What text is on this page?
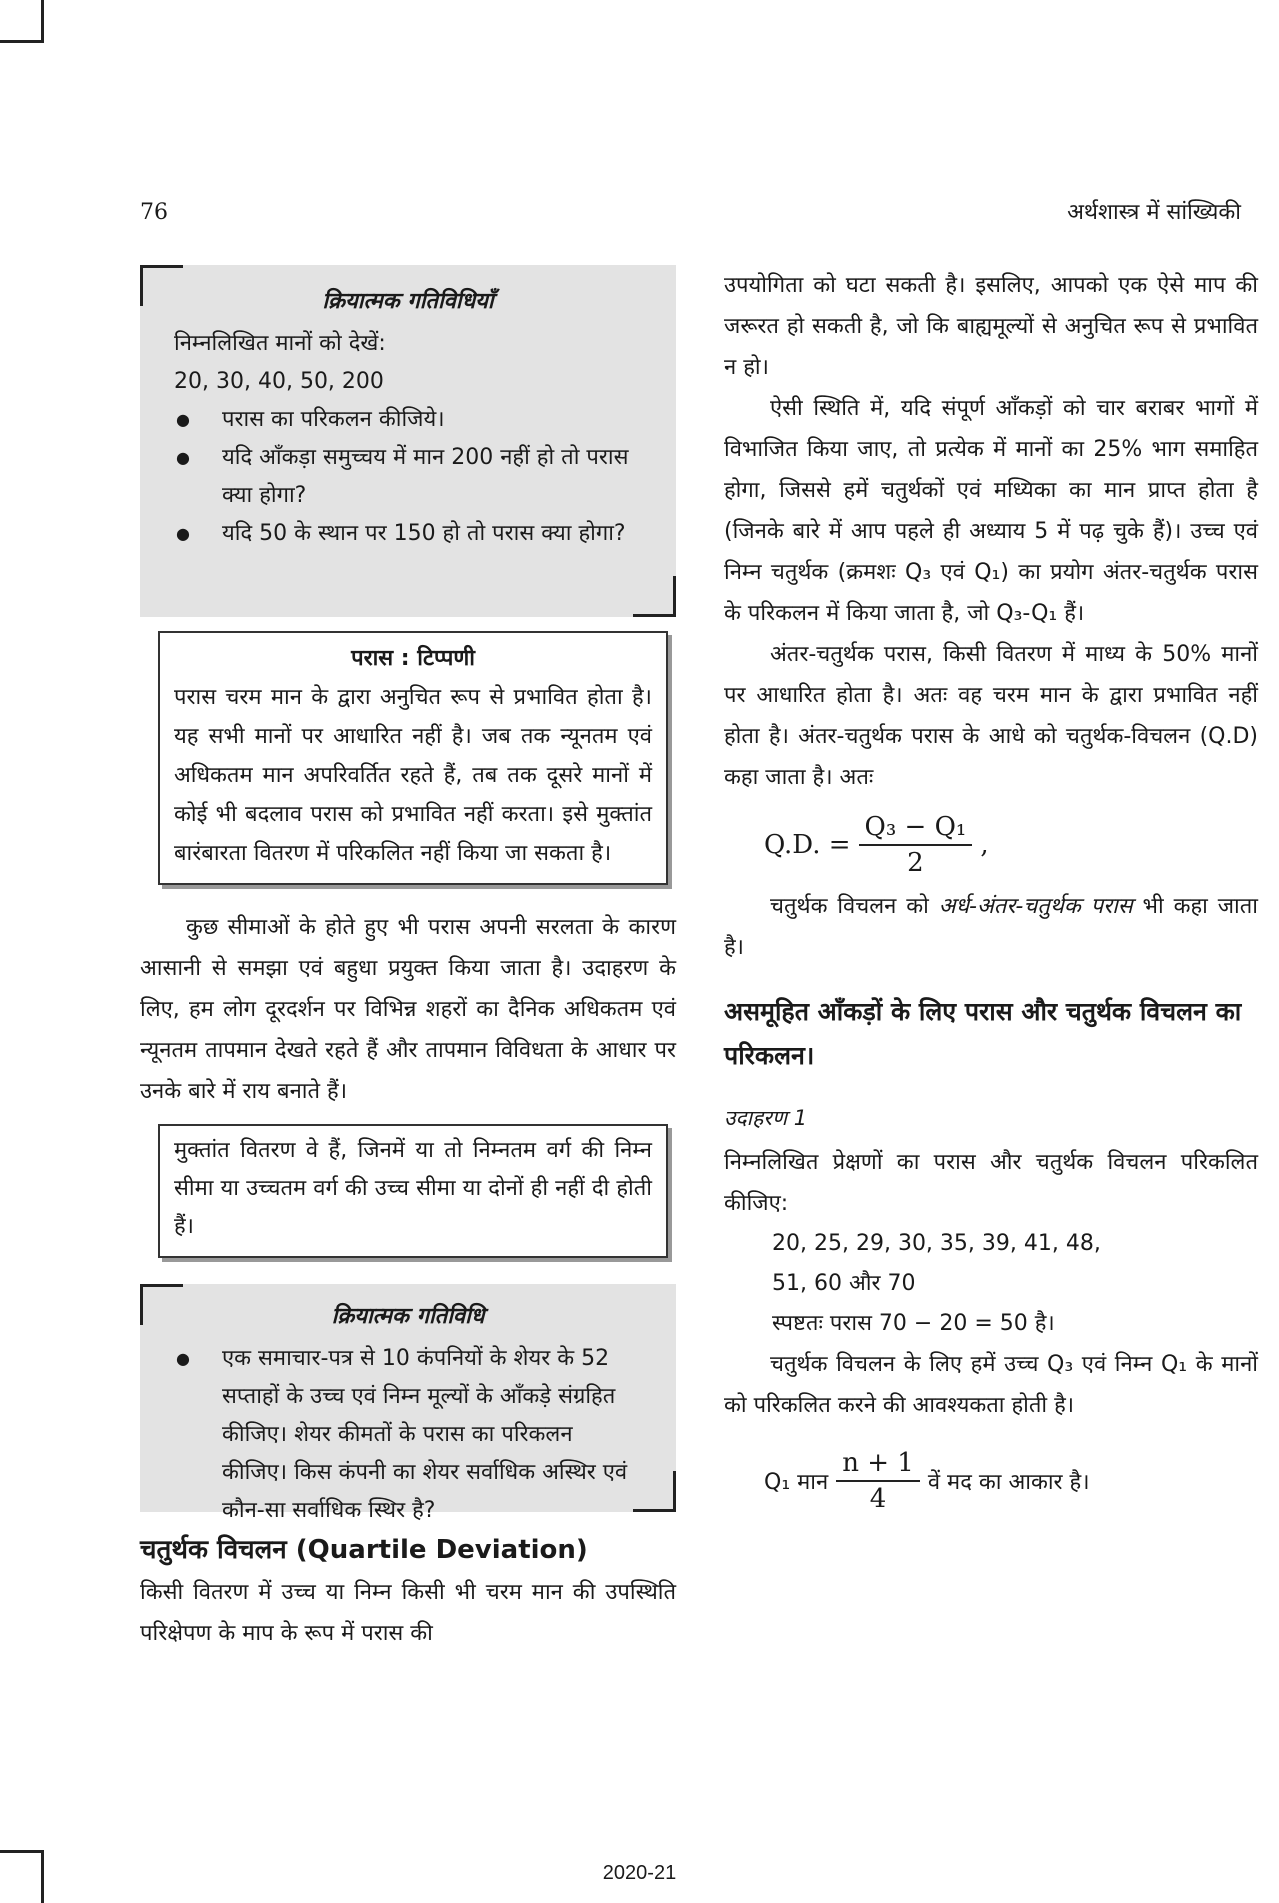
76	अर्थशास्त्र में सांख्यिकी
क्रियात्मक गतिविधियाँ
निम्नलिखित मानों को देखें:
20, 30, 40, 50, 200
● परास का परिकलन कीजिये।
● यदि आँकड़ा समुच्चय में मान 200 नहीं हो तो परास क्या होगा?
● यदि 50 के स्थान पर 150 हो तो परास क्या होगा?
परास : टिप्पणी
परास चरम मान के द्वारा अनुचित रूप से प्रभावित होता है। यह सभी मानों पर आधारित नहीं है। जब तक न्यूनतम एवं अधिकतम मान अपरिवर्तित रहते हैं, तब तक दूसरे मानों में कोई भी बदलाव परास को प्रभावित नहीं करता। इसे मुक्तांत बारंबारता वितरण में परिकलित नहीं किया जा सकता है।

कुछ सीमाओं के होते हुए भी परास अपनी सरलता के कारण आसानी से समझा एवं बहुधा प्रयुक्त किया जाता है। उदाहरण के लिए, हम लोग दूरदर्शन पर विभिन्न शहरों का दैनिक अधिकतम एवं न्यूनतम तापमान देखते रहते हैं और तापमान विविधता के आधार पर उनके बारे में राय बनाते हैं।

मुक्तांत वितरण वे हैं, जिनमें या तो निम्नतम वर्ग की निम्न सीमा या उच्चतम वर्ग की उच्च सीमा या दोनों ही नहीं दी होती हैं।
क्रियात्मक गतिविधि
● एक समाचार-पत्र से 10 कंपनियों के शेयर के 52 सप्ताहों के उच्च एवं निम्न मूल्यों के आँकड़े संग्रहित कीजिए। शेयर कीमतों के परास का परिकलन कीजिए। किस कंपनी का शेयर सर्वाधिक अस्थिर एवं कौन-सा सर्वाधिक स्थिर है?
चतुर्थक विचलन (Quartile Deviation)

किसी वितरण में उच्च या निम्न किसी भी चरम मान की उपस्थिति परिक्षेपण के माप के रूप में परास की

उपयोगिता को घटा सकती है। इसलिए, आपको एक ऐसे माप की जरूरत हो सकती है, जो कि बाह्यमूल्यों से अनुचित रूप से प्रभावित न हो।

ऐसी स्थिति में, यदि संपूर्ण आँकड़ों को चार बराबर भागों में विभाजित किया जाए, तो प्रत्येक में मानों का 25% भाग समाहित होगा, जिससे हमें चतुर्थकों एवं मध्यिका का मान प्राप्त होता है (जिनके बारे में आप पहले ही अध्याय 5 में पढ़ चुके हैं)। उच्च एवं निम्न चतुर्थक (क्रमशः Q₃ एवं Q₁) का प्रयोग अंतर-चतुर्थक परास के परिकलन में किया जाता है, जो Q₃-Q₁ हैं।

अंतर-चतुर्थक परास, किसी वितरण में माध्य के 50% मानों पर आधारित होता है। अतः वह चरम मान के द्वारा प्रभावित नहीं होता है। अंतर-चतुर्थक परास के आधे को चतुर्थक-विचलन (Q.D) कहा जाता है। अतः

Q.D. = $\frac{\text{Q₃ − Q₁}}{2}$ ,

चतुर्थक विचलन को अर्ध-अंतर-चतुर्थक परास भी कहा जाता है।

असमूहित आँकड़ों के लिए परास और चतुर्थक विचलन का परिकलन।
उदाहरण 1

निम्नलिखित प्रेक्षणों का परास और चतुर्थक विचलन परिकलित कीजिए:

20, 25, 29, 30, 35, 39, 41, 48,
51, 60 और 70
स्पष्टतः परास 70 − 20 = 50 है।

चतुर्थक विचलन के लिए हमें उच्च Q₃ एवं निम्न Q₁ के मानों को परिकलित करने की आवश्यकता होती है।

Q₁ मान $\frac{n + 1}{4}$ वें मद का आकार है।
2020-21
